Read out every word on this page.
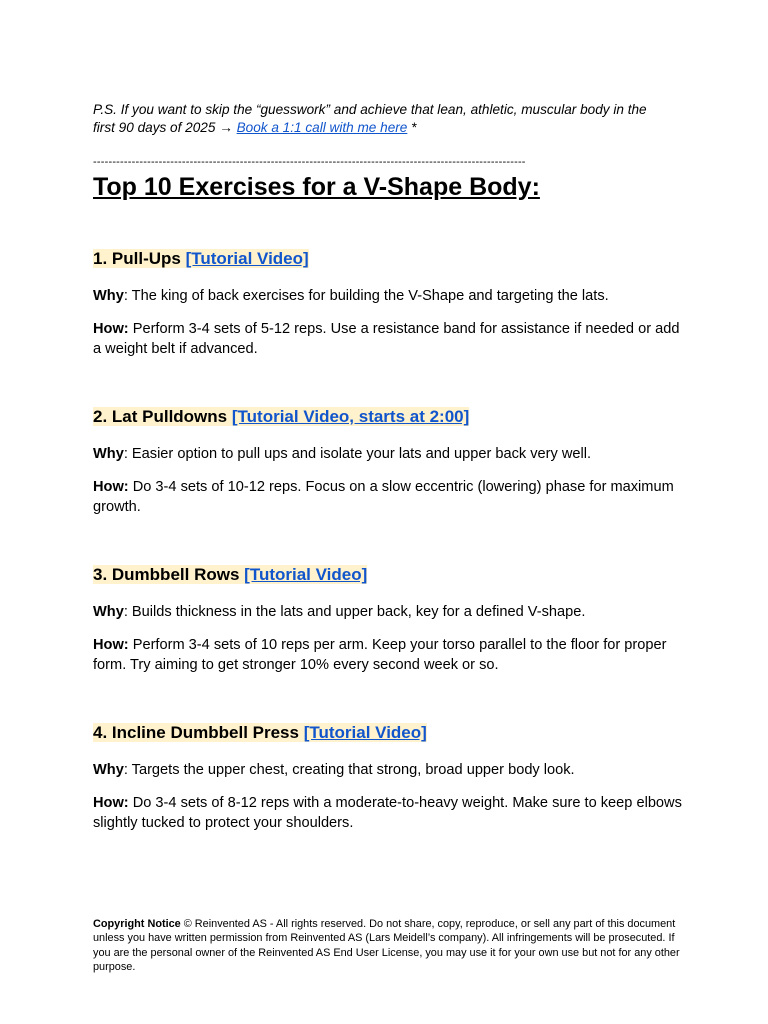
P.S. If you want to skip the “guesswork” and achieve that lean, athletic, muscular body in the first 90 days of 2025 → Book a 1:1 call with me here *

----------------------------------------------------------------------------------------------------------------
Top 10 Exercises for a V-Shape Body:
1. Pull-Ups [Tutorial Video]

Why: The king of back exercises for building the V-Shape and targeting the lats.

How: Perform 3-4 sets of 5-12 reps. Use a resistance band for assistance if needed or add a weight belt if advanced.

2. Lat Pulldowns [Tutorial Video, starts at 2:00]

Why: Easier option to pull ups and isolate your lats and upper back very well.

How: Do 3-4 sets of 10-12 reps. Focus on a slow eccentric (lowering) phase for maximum growth.

3. Dumbbell Rows [Tutorial Video]

Why: Builds thickness in the lats and upper back, key for a defined V-shape.

How: Perform 3-4 sets of 10 reps per arm. Keep your torso parallel to the floor for proper form. Try aiming to get stronger 10% every second week or so.

4. Incline Dumbbell Press [Tutorial Video]

Why: Targets the upper chest, creating that strong, broad upper body look.

How: Do 3-4 sets of 8-12 reps with a moderate-to-heavy weight. Make sure to keep elbows slightly tucked to protect your shoulders.

Copyright Notice © Reinvented AS - All rights reserved. Do not share, copy, reproduce, or sell any part of this document unless you have written permission from Reinvented AS (Lars Meidell’s company). All infringements will be prosecuted. If you are the personal owner of the Reinvented AS End User License, you may use it for your own use but not for any other purpose.
